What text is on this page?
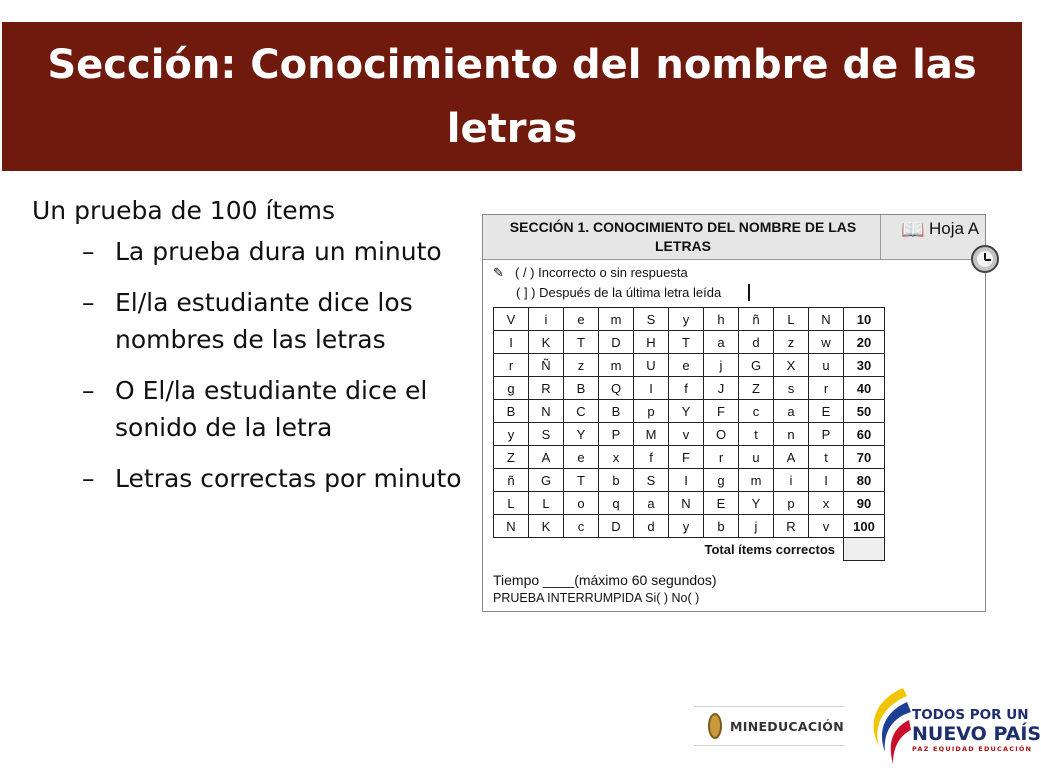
Sección: Conocimiento del nombre de las letras
Un prueba de 100 ítems
– La prueba dura un minuto
– El/la estudiante dice los nombres de las letras
– O El/la estudiante dice el sonido de la letra
– Letras correctas por minuto
SECCIÓN 1. CONOCIMIENTO DEL NOMBRE DE LAS LETRAS
📖 Hoja A
✎ ( / ) Incorrecto o sin respuesta
( ] ) Después de la última letra leída
V	i	e	m	S	y	h	ñ	L	N	10
I	K	T	D	H	T	a	d	z	w	20
r	Ñ	z	m	U	e	j	G	X	u	30
g	R	B	Q	I	f	J	Z	s	r	40
B	N	C	B	p	Y	F	c	a	E	50
y	S	Y	P	M	v	O	t	n	P	60
Z	A	e	x	f	F	r	u	A	t	70
ñ	G	T	b	S	I	g	m	i	I	80
L	L	o	q	a	N	E	Y	p	x	90
N	K	c	D	d	y	b	j	R	v	100
Total ítems correctos										
Tiempo ____(máximo 60 segundos)
PRUEBA INTERRUMPIDA Si( ) No( )
MINEDUCACIÓN
TODOS POR UN
NUEVO PAÍS
PAZ EQUIDAD EDUCACIÓN
